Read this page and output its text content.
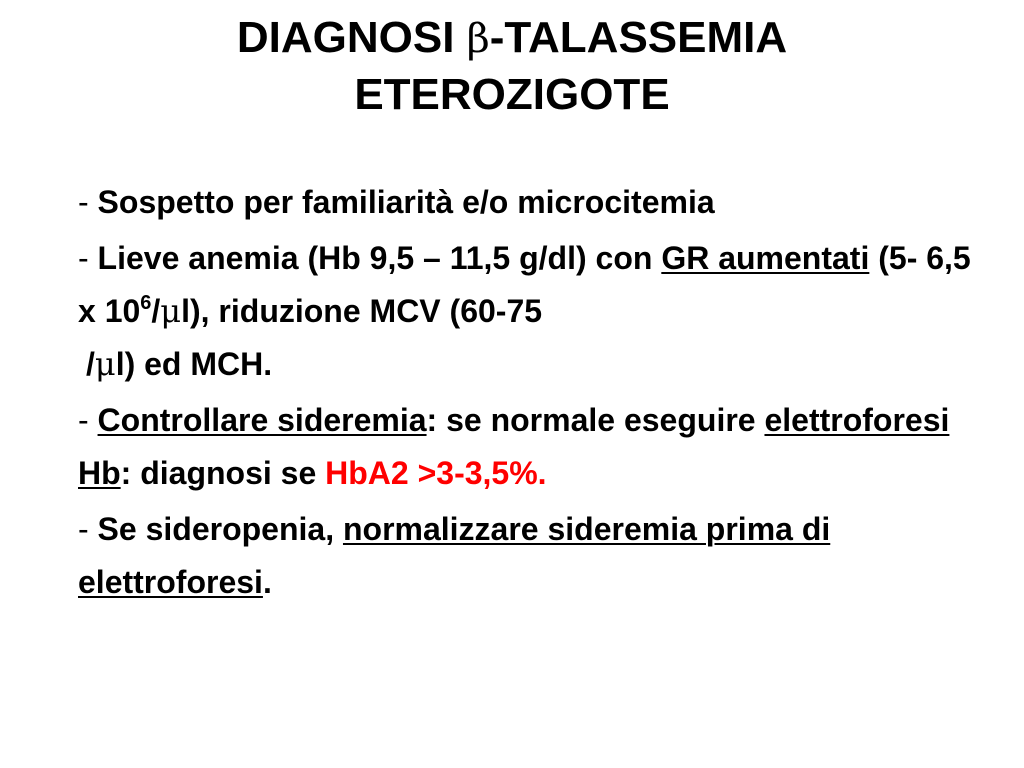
DIAGNOSI β-TALASSEMIA
ETEROZIGOTE

- Sospetto per familiarità e/o microcitemia

- Lieve anemia (Hb 9,5 – 11,5 g/dl) con GR aumentati (5- 6,5 x $10^6/\mu l$), riduzione MCV (60-75
/μl) ed MCH.

- Controllare sideremia: se normale eseguire elettroforesi Hb: diagnosi se HbA2 >3-3,5%.

- Se sideropenia, normalizzare sideremia prima di elettroforesi.
